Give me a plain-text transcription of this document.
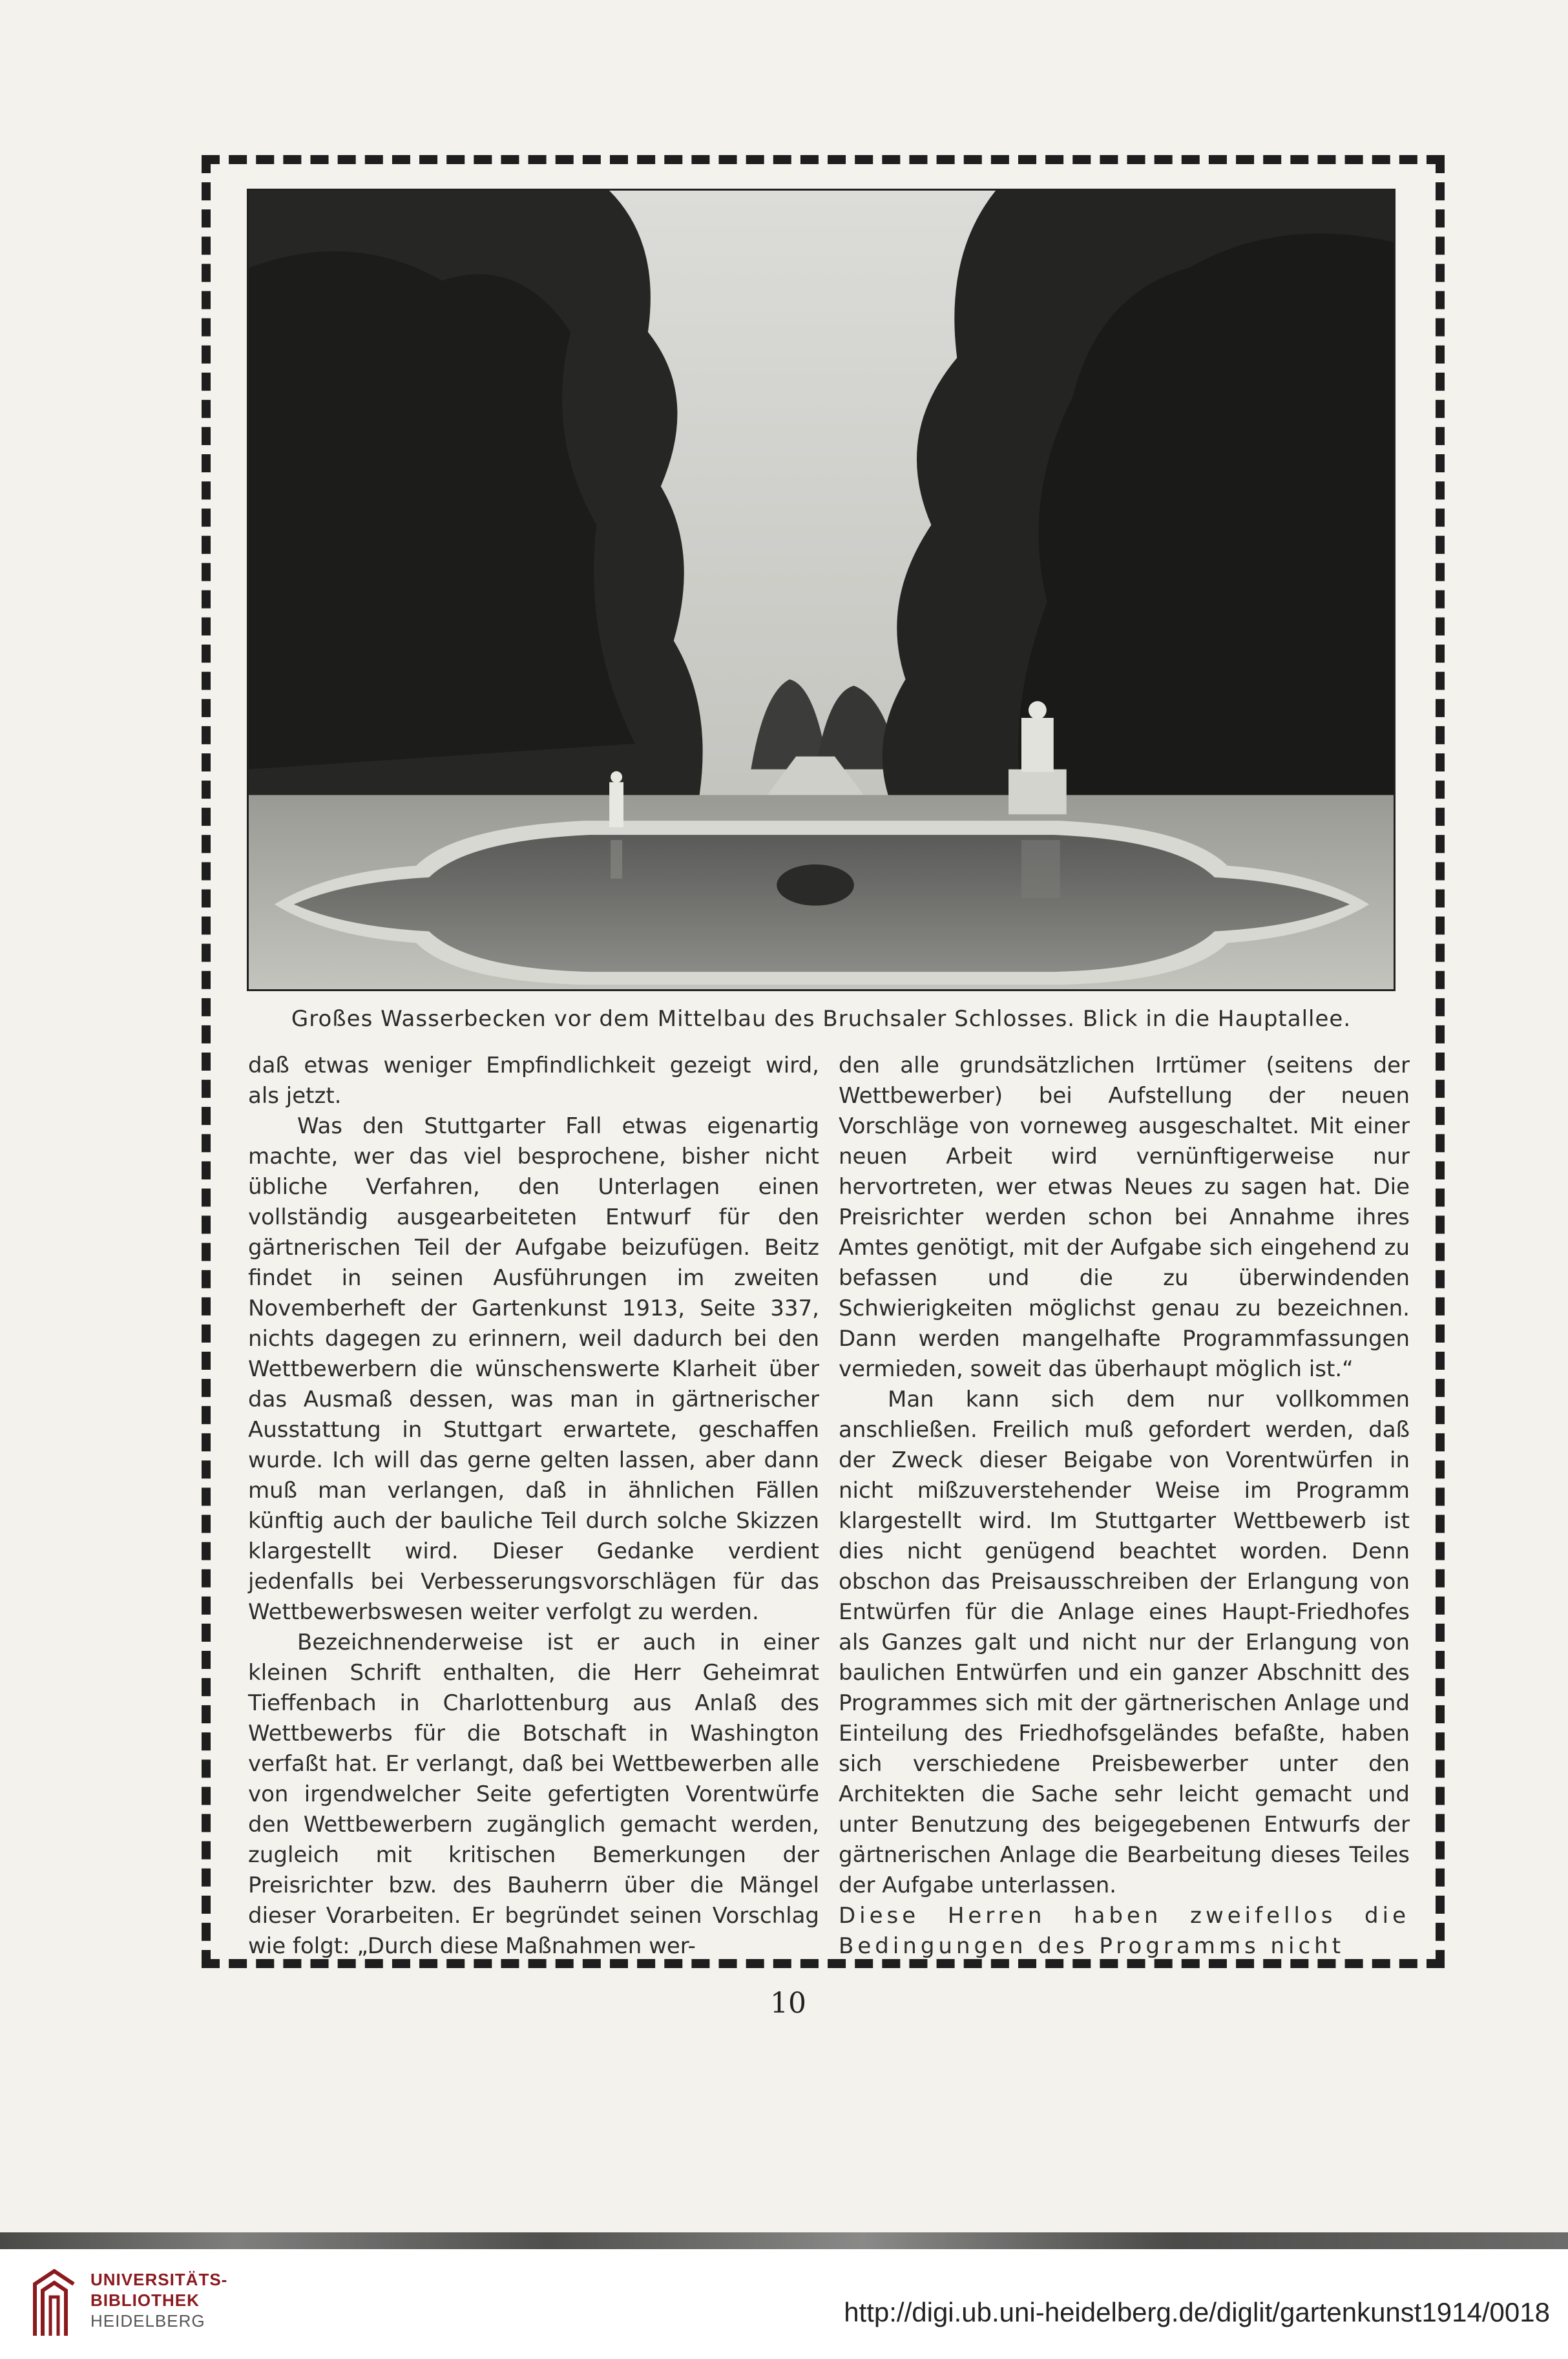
Großes Wasserbecken vor dem Mittelbau des Bruchsaler Schlosses. Blick in die Hauptallee.

daß etwas weniger Empfindlichkeit gezeigt wird, als jetzt.

Was den Stuttgarter Fall etwas eigenartig machte, wer das viel besprochene, bisher nicht übliche Verfahren, den Unterlagen einen vollständig ausgearbeiteten Entwurf für den gärtnerischen Teil der Aufgabe beizufügen. Beitz findet in seinen Ausführungen im zweiten Novemberheft der Gartenkunst 1913, Seite 337, nichts dagegen zu erinnern, weil dadurch bei den Wettbewerbern die wünschenswerte Klarheit über das Ausmaß dessen, was man in gärtnerischer Ausstattung in Stuttgart erwartete, geschaffen wurde. Ich will das gerne gelten lassen, aber dann muß man verlangen, daß in ähnlichen Fällen künftig auch der bauliche Teil durch solche Skizzen klargestellt wird. Dieser Gedanke verdient jedenfalls bei Verbesserungsvorschlägen für das Wettbewerbswesen weiter verfolgt zu werden.

Bezeichnenderweise ist er auch in einer kleinen Schrift enthalten, die Herr Geheimrat Tieffenbach in Charlottenburg aus Anlaß des Wettbewerbs für die Botschaft in Washington verfaßt hat. Er verlangt, daß bei Wettbewerben alle von irgendwelcher Seite gefertigten Vorentwürfe den Wettbewerbern zugänglich gemacht werden, zugleich mit kritischen Bemerkungen der Preisrichter bzw. des Bauherrn über die Mängel dieser Vorarbeiten. Er begründet seinen Vorschlag wie folgt: „Durch diese Maßnahmen wer-

den alle grundsätzlichen Irrtümer (seitens der Wettbewerber) bei Aufstellung der neuen Vorschläge von vorneweg ausgeschaltet. Mit einer neuen Arbeit wird vernünftigerweise nur hervortreten, wer etwas Neues zu sagen hat. Die Preisrichter werden schon bei Annahme ihres Amtes genötigt, mit der Aufgabe sich eingehend zu befassen und die zu überwindenden Schwierigkeiten möglichst genau zu bezeichnen. Dann werden mangelhafte Programmfassungen vermieden, soweit das überhaupt möglich ist.“

Man kann sich dem nur vollkommen anschließen. Freilich muß gefordert werden, daß der Zweck dieser Beigabe von Vorentwürfen in nicht mißzuverstehender Weise im Programm klargestellt wird. Im Stuttgarter Wettbewerb ist dies nicht genügend beachtet worden. Denn obschon das Preisausschreiben der Erlangung von Entwürfen für die Anlage eines Haupt-Friedhofes als Ganzes galt und nicht nur der Erlangung von baulichen Entwürfen und ein ganzer Abschnitt des Programmes sich mit der gärtnerischen Anlage und Einteilung des Friedhofsgeländes befaßte, haben sich verschiedene Preisbewerber unter den Architekten die Sache sehr leicht gemacht und unter Benutzung des beigegebenen Entwurfs der gärtnerischen Anlage die Bearbeitung dieses Teiles der Aufgabe unterlassen.

Diese Herren haben zweifellos die Bedingungen des Programms nicht

10
UNIVERSITÄTS-
BIBLIOTHEK
HEIDELBERG	http://digi.ub.uni-heidelberg.de/diglit/gartenkunst1914/0018
